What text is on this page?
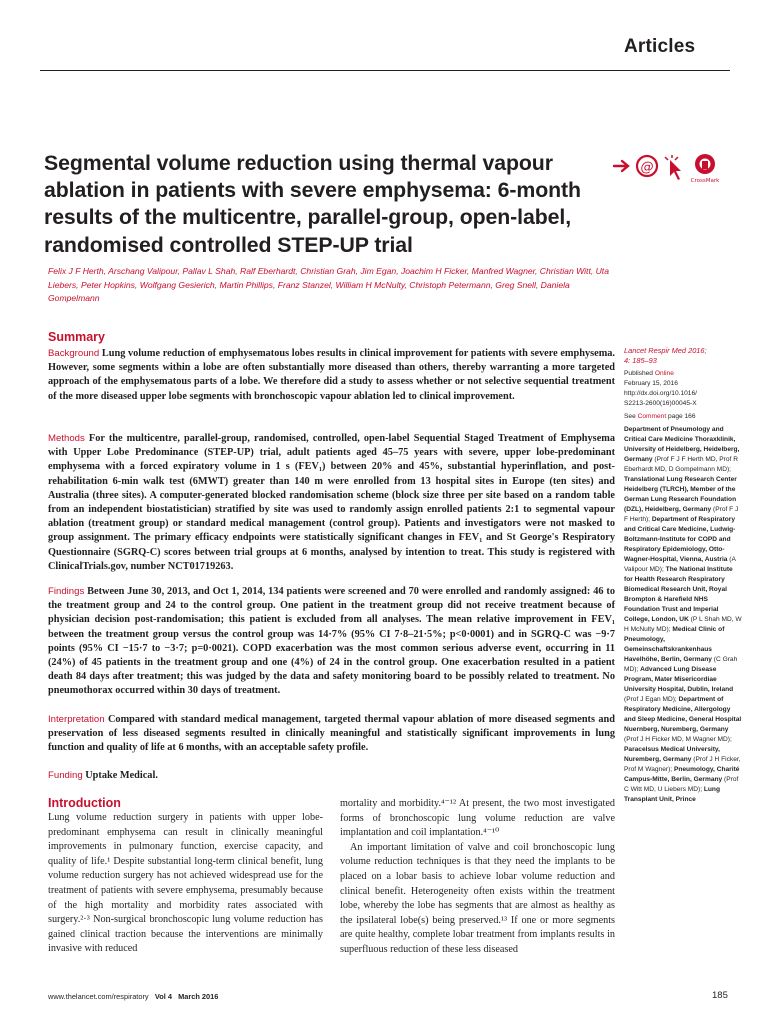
Articles
Segmental volume reduction using thermal vapour ablation in patients with severe emphysema: 6-month results of the multicentre, parallel-group, open-label, randomised controlled STEP-UP trial
@
CrossMark
Felix J F Herth, Arschang Valipour, Pallav L Shah, Ralf Eberhardt, Christian Grah, Jim Egan, Joachim H Ficker, Manfred Wagner, Christian Witt, Uta Liebers, Peter Hopkins, Wolfgang Gesierich, Martin Phillips, Franz Stanzel, William H McNulty, Christoph Petermann, Greg Snell, Daniela Gompelmann
Summary
Background Lung volume reduction of emphysematous lobes results in clinical improvement for patients with severe emphysema. However, some segments within a lobe are often substantially more diseased than others, thereby warranting a more targeted approach of the emphysematous parts of a lobe. We therefore did a study to assess whether or not selective sequential treatment of the more diseased upper lobe segments with bronchoscopic vapour ablation led to clinical improvement.
Methods For the multicentre, parallel-group, randomised, controlled, open-label Sequential Staged Treatment of Emphysema with Upper Lobe Predominance (STEP-UP) trial, adult patients aged 45–75 years with severe, upper lobe-predominant emphysema with a forced expiratory volume in 1 s (FEV₁) between 20% and 45%, substantial hyperinflation, and post-rehabilitation 6-min walk test (6MWT) greater than 140 m were enrolled from 13 hospital sites in Europe (ten sites) and Australia (three sites). A computer-generated blocked randomisation scheme (block size three per site based on a random table from an independent biostatistician) stratified by site was used to randomly assign enrolled patients 2:1 to segmental vapour ablation (treatment group) or standard medical management (control group). Patients and investigators were not masked to group assignment. The primary efficacy endpoints were statistically significant changes in FEV₁ and St George's Respiratory Questionnaire (SGRQ-C) scores between trial groups at 6 months, analysed by intention to treat. This study is registered with ClinicalTrials.gov, number NCT01719263.
Findings Between June 30, 2013, and Oct 1, 2014, 134 patients were screened and 70 were enrolled and randomly assigned: 46 to the treatment group and 24 to the control group. One patient in the treatment group did not receive treatment because of physician decision post-randomisation; this patient is excluded from all analyses. The mean relative improvement in FEV₁ between the treatment group versus the control group was 14·7% (95% CI 7·8–21·5%; p<0·0001) and in SGRQ-C was −9·7 points (95% CI −15·7 to −3·7; p=0·0021). COPD exacerbation was the most common serious adverse event, occurring in 11 (24%) of 45 patients in the treatment group and one (4%) of 24 in the control group. One exacerbation resulted in a patient death 84 days after treatment; this was judged by the data and safety monitoring board to be possibly related to treatment. No pneumothorax occurred within 30 days of treatment.
Interpretation Compared with standard medical management, targeted thermal vapour ablation of more diseased segments and preservation of less diseased segments resulted in clinically meaningful and statistically significant improvements in lung function and quality of life at 6 months, with an acceptable safety profile.
Funding Uptake Medical.
Introduction
Lung volume reduction surgery in patients with upper lobe-predominant emphysema can result in clinically meaningful improvements in pulmonary function, exercise capacity, and quality of life.¹ Despite substantial long-term clinical benefit, lung volume reduction surgery has not achieved widespread use for the treatment of patients with severe emphysema, presumably because of the high mortality and morbidity rates associated with surgery.²·³ Non-surgical bronchoscopic lung volume reduction has gained clinical traction because the interventions are minimally invasive with reduced
mortality and morbidity.⁴⁻¹² At present, the two most investigated forms of bronchoscopic lung volume reduction are valve implantation and coil implantation.⁴⁻¹⁰
An important limitation of valve and coil bronchoscopic lung volume reduction techniques is that they need the implants to be placed on a lobar basis to achieve lobar volume reduction and clinical benefit. Heterogeneity often exists within the treatment lobe, whereby the lobe has segments that are almost as healthy as the ipsilateral lobe(s) being preserved.¹³ If one or more segments are quite healthy, complete lobar treatment from implants results in superfluous reduction of these less diseased
Lancet Respir Med 2016;
4: 185–93
Published Online
February 15, 2016
http://dx.doi.org/10.1016/
S2213-2600(16)00045-X
See Comment page 166
Department of Pneumology and Critical Care Medicine Thoraxklinik, University of Heidelberg, Heidelberg, Germany (Prof F J F Herth MD, Prof R Eberhardt MD, D Gompelmann MD); Translational Lung Research Center Heidelberg (TLRCH), Member of the German Lung Research Foundation (DZL), Heidelberg, Germany (Prof F J F Herth); Department of Respiratory and Critical Care Medicine, Ludwig-Boltzmann-Institute for COPD and Respiratory Epidemiology, Otto-Wagner-Hospital, Vienna, Austria (A Valipour MD); The National Institute for Health Research Respiratory Biomedical Research Unit, Royal Brompton & Harefield NHS Foundation Trust and Imperial College, London, UK (P L Shah MD, W H McNulty MD); Medical Clinic of Pneumology, Gemeinschaftskrankenhaus Havelhöhe, Berlin, Germany (C Grah MD); Advanced Lung Disease Program, Mater Misericordiae University Hospital, Dublin, Ireland (Prof J Egan MD); Department of Respiratory Medicine, Allergology and Sleep Medicine, General Hospital Nuernberg, Nuremberg, Germany (Prof J H Ficker MD, M Wagner MD); Paracelsus Medical University, Nuremberg, Germany (Prof J H Ficker, Prof M Wagner); Pneumology, Charité Campus-Mitte, Berlin, Germany (Prof C Witt MD, U Liebers MD); Lung Transplant Unit, Prince
www.thelancet.com/respiratory Vol 4 March 2016	185
